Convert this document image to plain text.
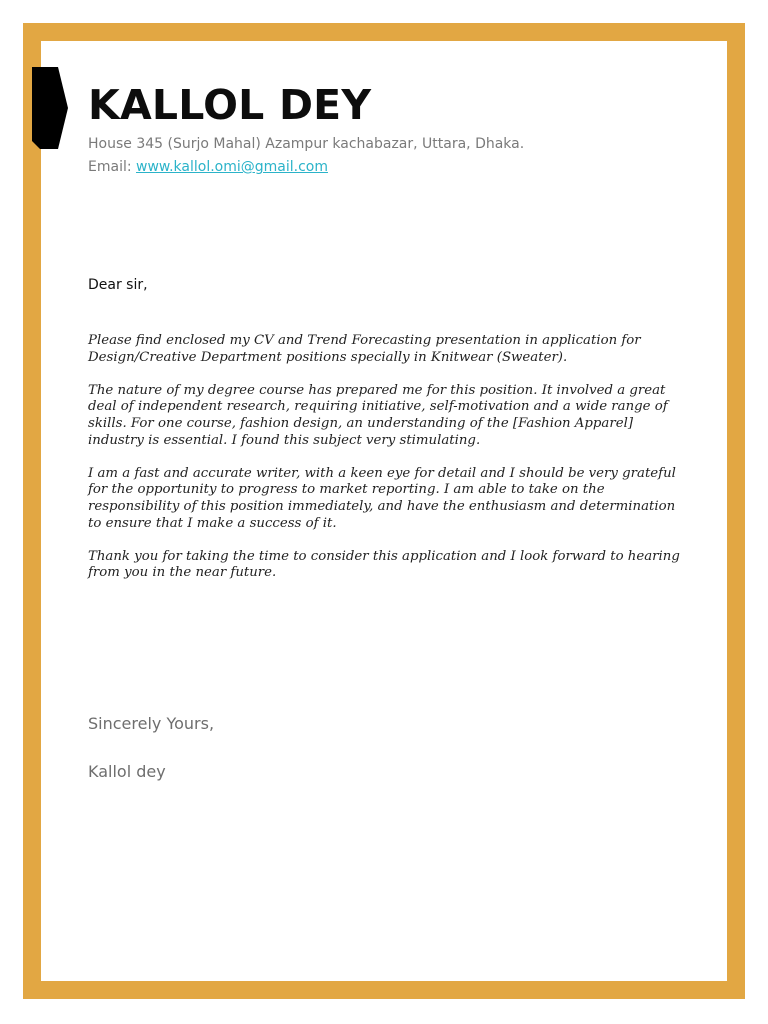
KALLOL DEY
House 345 (Surjo Mahal) Azampur kachabazar, Uttara, Dhaka.
Email: www.kallol.omi@gmail.com
Dear sir,

Please find enclosed my CV and Trend Forecasting presentation in application for Design/Creative Department positions specially in Knitwear (Sweater).

The nature of my degree course has prepared me for this position. It involved a great deal of independent research, requiring initiative, self-motivation and a wide range of skills. For one course, fashion design, an understanding of the [Fashion Apparel] industry is essential. I found this subject very stimulating.

I am a fast and accurate writer, with a keen eye for detail and I should be very grateful for the opportunity to progress to market reporting. I am able to take on the responsibility of this position immediately, and have the enthusiasm and determination to ensure that I make a success of it.

Thank you for taking the time to consider this application and I look forward to hearing from you in the near future.

Sincerely Yours,
Kallol dey
